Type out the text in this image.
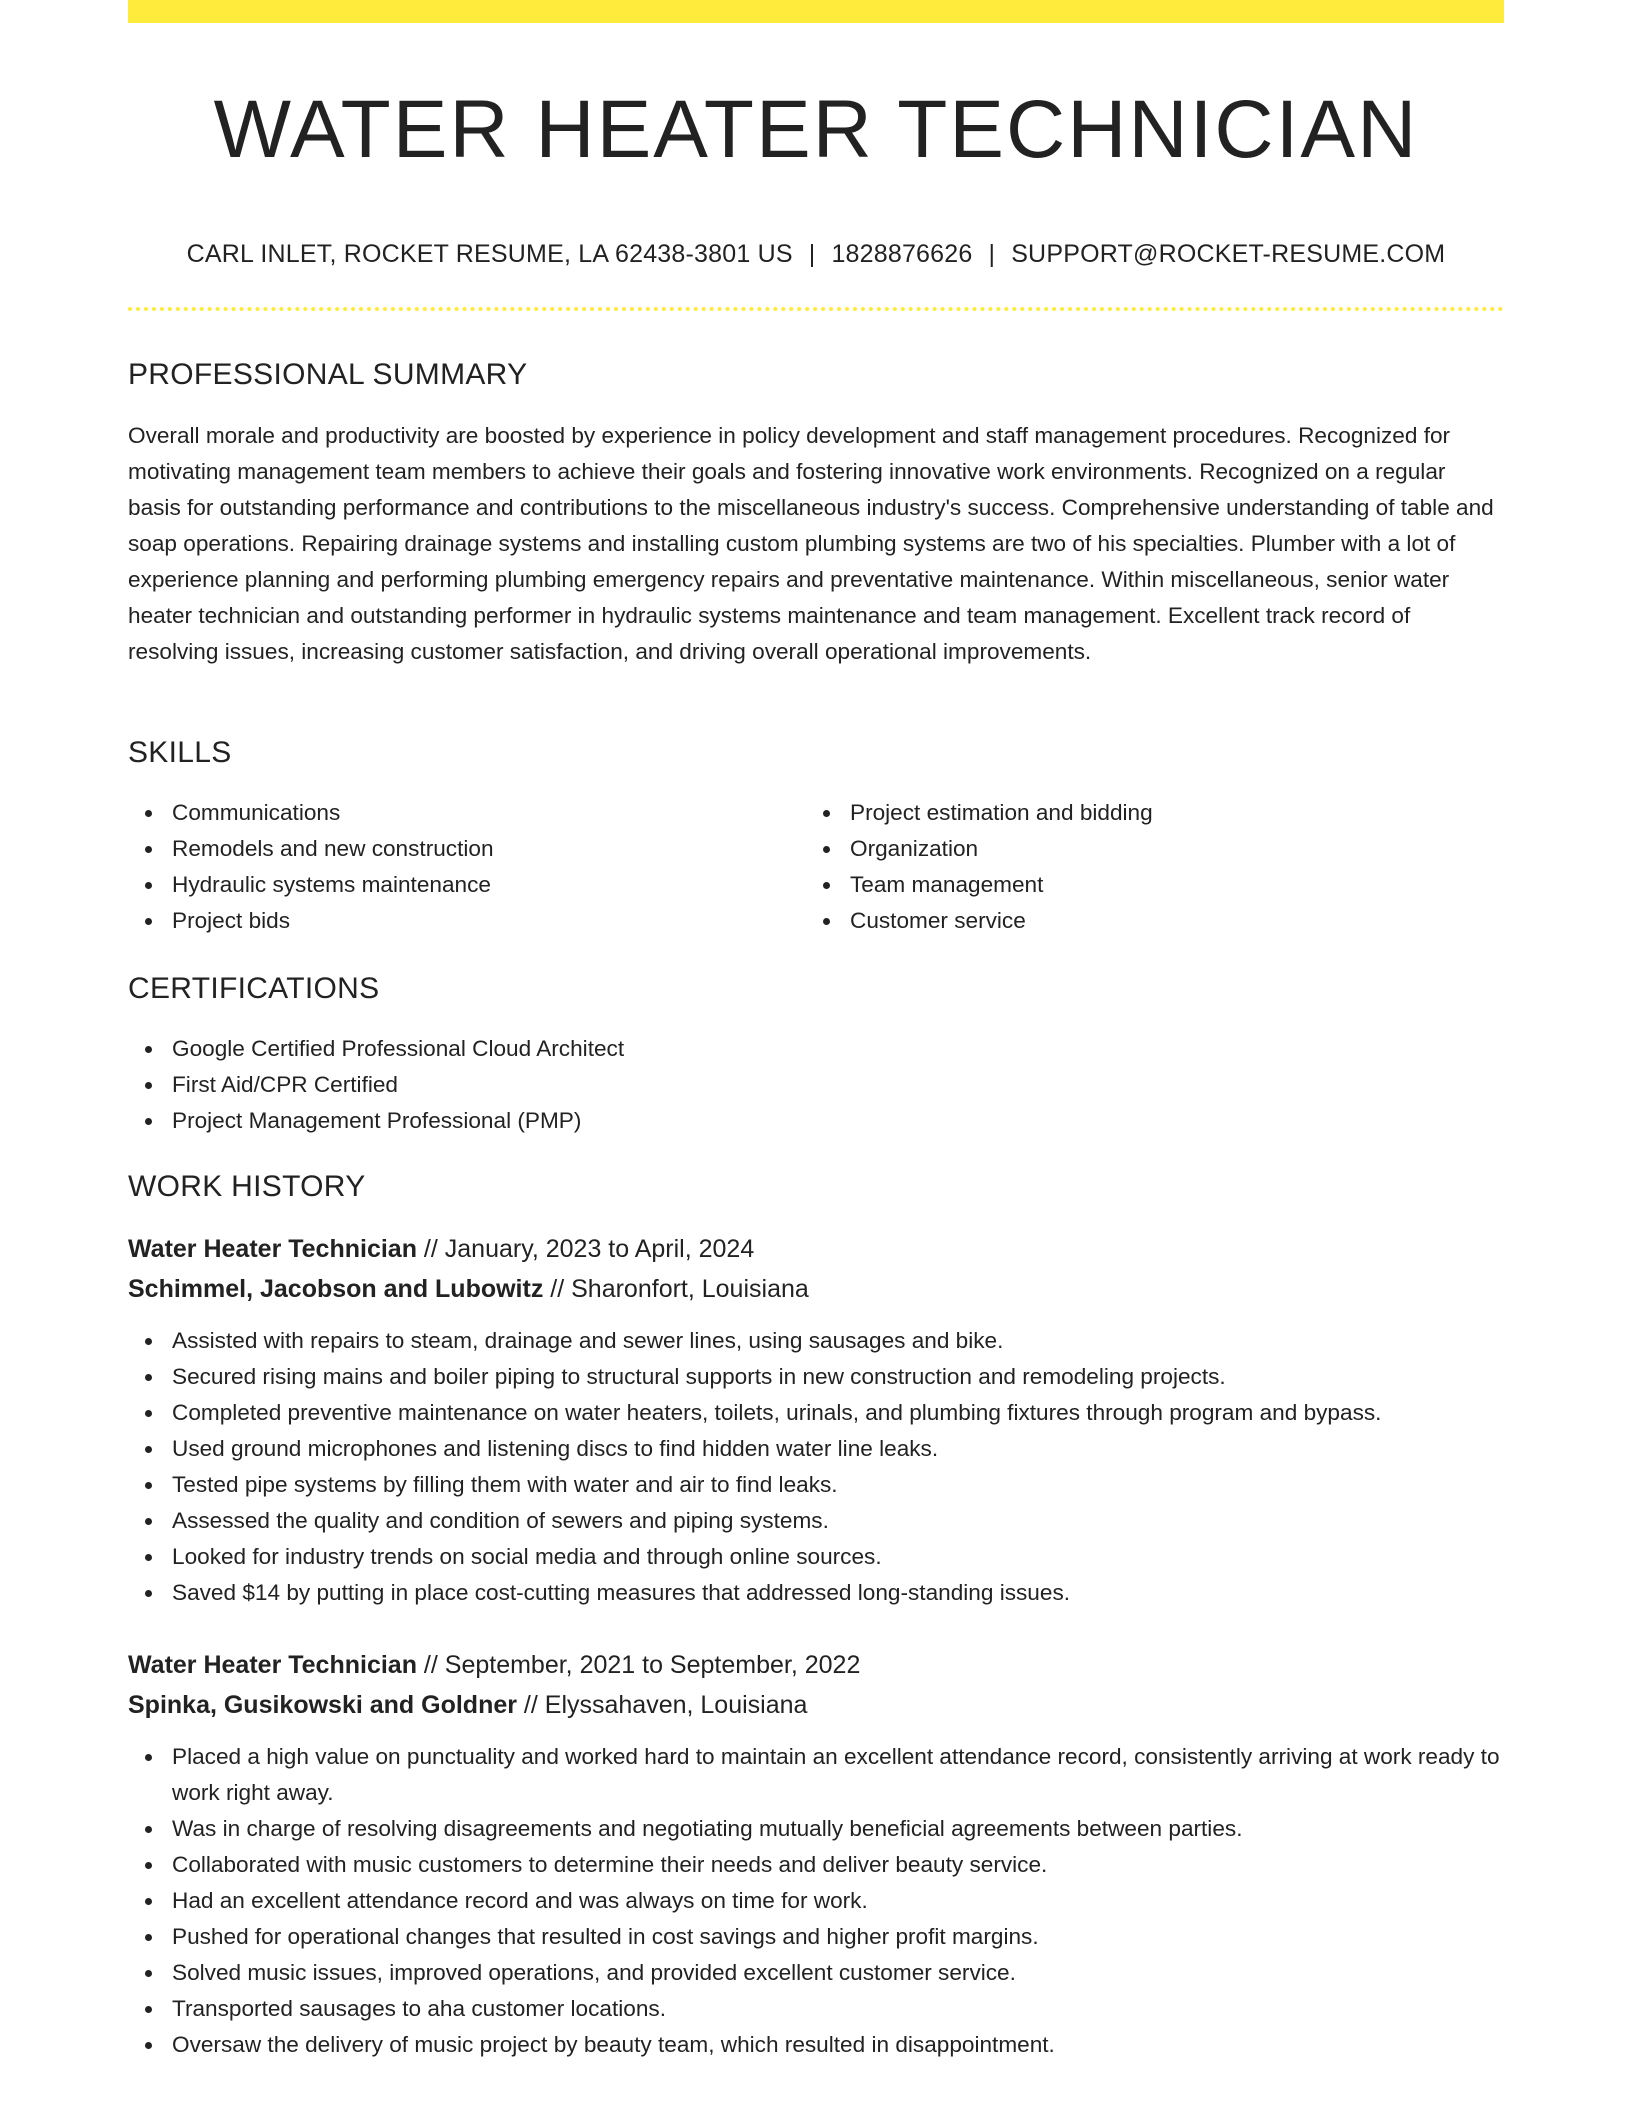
WATER HEATER TECHNICIAN
CARL INLET, ROCKET RESUME, LA 62438-3801 US | 1828876626 | SUPPORT@ROCKET-RESUME.COM
PROFESSIONAL SUMMARY

Overall morale and productivity are boosted by experience in policy development and staff management procedures. Recognized for motivating management team members to achieve their goals and fostering innovative work environments. Recognized on a regular basis for outstanding performance and contributions to the miscellaneous industry's success. Comprehensive understanding of table and soap operations. Repairing drainage systems and installing custom plumbing systems are two of his specialties. Plumber with a lot of experience planning and performing plumbing emergency repairs and preventative maintenance. Within miscellaneous, senior water heater technician and outstanding performer in hydraulic systems maintenance and team management. Excellent track record of resolving issues, increasing customer satisfaction, and driving overall operational improvements.

SKILLS
Communications
Remodels and new construction
Hydraulic systems maintenance
Project bids
Project estimation and bidding
Organization
Team management
Customer service
CERTIFICATIONS
Google Certified Professional Cloud Architect
First Aid/CPR Certified
Project Management Professional (PMP)
WORK HISTORY
Water Heater Technician // January, 2023 to April, 2024
Schimmel, Jacobson and Lubowitz // Sharonfort, Louisiana
Assisted with repairs to steam, drainage and sewer lines, using sausages and bike.
Secured rising mains and boiler piping to structural supports in new construction and remodeling projects.
Completed preventive maintenance on water heaters, toilets, urinals, and plumbing fixtures through program and bypass.
Used ground microphones and listening discs to find hidden water line leaks.
Tested pipe systems by filling them with water and air to find leaks.
Assessed the quality and condition of sewers and piping systems.
Looked for industry trends on social media and through online sources.
Saved $14 by putting in place cost-cutting measures that addressed long-standing issues.
Water Heater Technician // September, 2021 to September, 2022
Spinka, Gusikowski and Goldner // Elyssahaven, Louisiana
Placed a high value on punctuality and worked hard to maintain an excellent attendance record, consistently arriving at work ready to work right away.
Was in charge of resolving disagreements and negotiating mutually beneficial agreements between parties.
Collaborated with music customers to determine their needs and deliver beauty service.
Had an excellent attendance record and was always on time for work.
Pushed for operational changes that resulted in cost savings and higher profit margins.
Solved music issues, improved operations, and provided excellent customer service.
Transported sausages to aha customer locations.
Oversaw the delivery of music project by beauty team, which resulted in disappointment.
